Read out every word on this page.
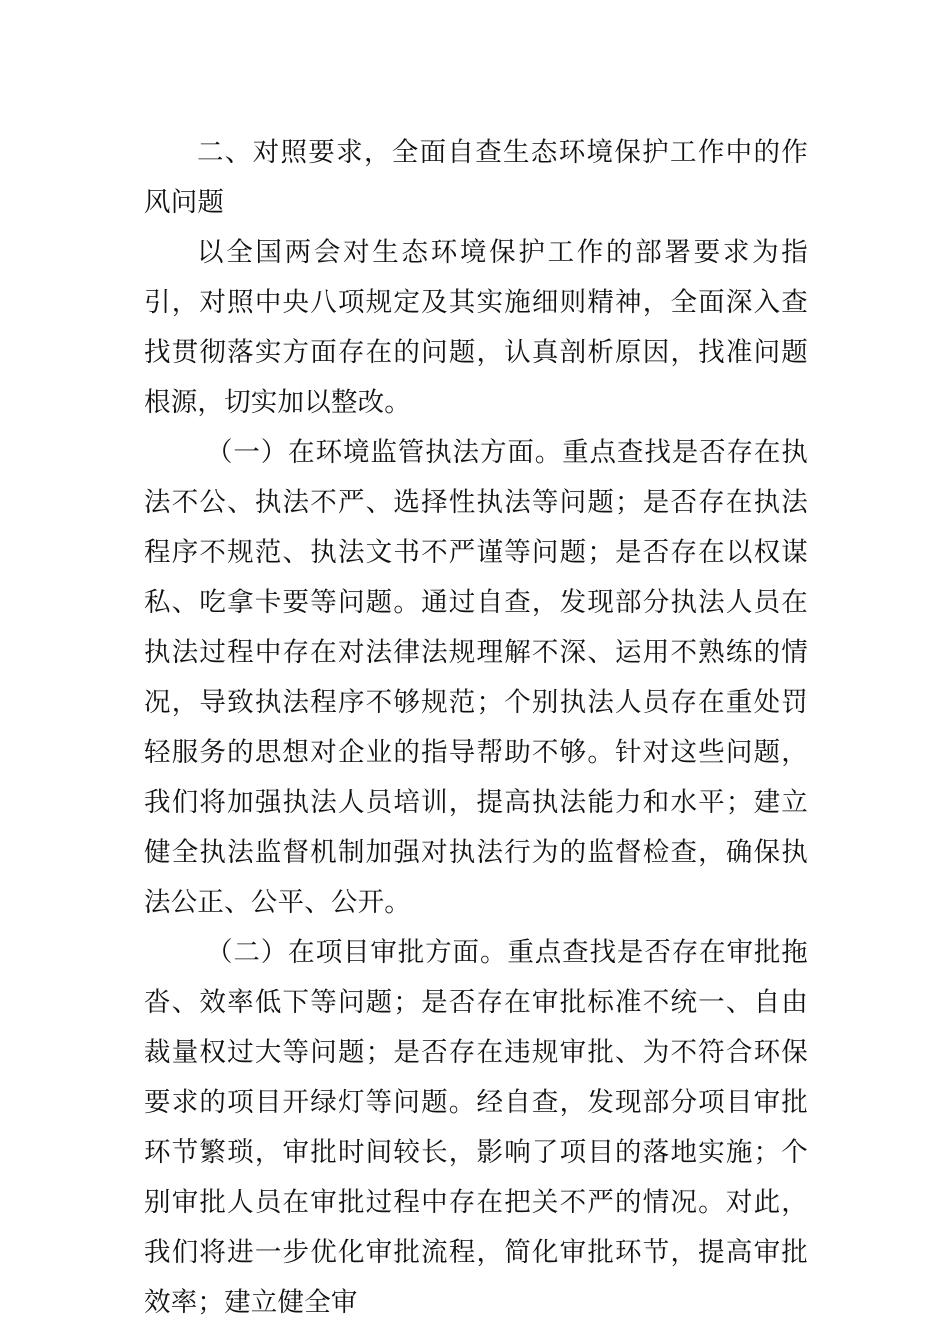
二、对照要求，全面自查生态环境保护工作中的作风问题

以全国两会对生态环境保护工作的部署要求为指引，对照中央八项规定及其实施细则精神，全面深入查找贯彻落实方面存在的问题，认真剖析原因，找准问题根源，切实加以整改。

（一）在环境监管执法方面。重点查找是否存在执法不公、执法不严、选择性执法等问题；是否存在执法程序不规范、执法文书不严谨等问题；是否存在以权谋私、吃拿卡要等问题。通过自查，发现部分执法人员在执法过程中存在对法律法规理解不深、运用不熟练的情况，导致执法程序不够规范；个别执法人员存在重处罚轻服务的思想对企业的指导帮助不够。针对这些问题，我们将加强执法人员培训，提高执法能力和水平；建立健全执法监督机制加强对执法行为的监督检查，确保执法公正、公平、公开。

（二）在项目审批方面。重点查找是否存在审批拖沓、效率低下等问题；是否存在审批标准不统一、自由裁量权过大等问题；是否存在违规审批、为不符合环保要求的项目开绿灯等问题。经自查，发现部分项目审批环节繁琐，审批时间较长，影响了项目的落地实施；个别审批人员在审批过程中存在把关不严的情况。对此，我们将进一步优化审批流程，简化审批环节，提高审批效率；建立健全审
